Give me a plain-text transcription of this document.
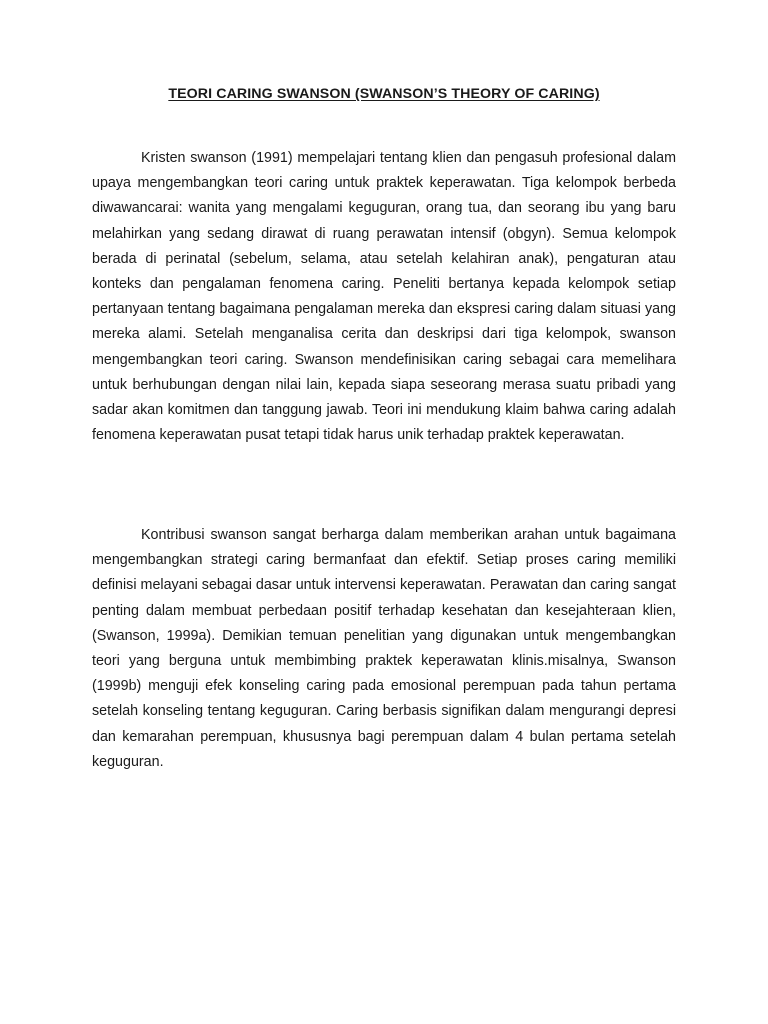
TEORI CARING SWANSON (SWANSON’S THEORY OF CARING)

Kristen swanson (1991) mempelajari tentang klien dan pengasuh profesional dalam upaya mengembangkan teori caring untuk praktek keperawatan. Tiga kelompok berbeda diwawancarai: wanita yang mengalami keguguran, orang tua, dan seorang ibu yang baru melahirkan yang sedang dirawat di ruang perawatan intensif (obgyn). Semua kelompok berada di perinatal (sebelum, selama, atau setelah kelahiran anak), pengaturan atau konteks dan pengalaman fenomena caring. Peneliti bertanya kepada kelompok setiap pertanyaan tentang bagaimana pengalaman mereka dan ekspresi caring dalam situasi yang mereka alami. Setelah menganalisa cerita dan deskripsi dari tiga kelompok, swanson mengembangkan teori caring. Swanson mendefinisikan caring sebagai cara memelihara untuk berhubungan dengan nilai lain, kepada siapa seseorang merasa suatu pribadi yang sadar akan komitmen dan tanggung jawab. Teori ini mendukung klaim bahwa caring adalah fenomena keperawatan pusat tetapi tidak harus unik terhadap praktek keperawatan.

Kontribusi swanson sangat berharga dalam memberikan arahan untuk bagaimana mengembangkan strategi caring bermanfaat dan efektif. Setiap proses caring memiliki definisi melayani sebagai dasar untuk intervensi keperawatan. Perawatan dan caring sangat penting dalam membuat perbedaan positif terhadap kesehatan dan kesejahteraan klien, (Swanson, 1999a). Demikian temuan penelitian yang digunakan untuk mengembangkan teori yang berguna untuk membimbing praktek keperawatan klinis.misalnya, Swanson (1999b) menguji efek konseling caring pada emosional perempuan pada tahun pertama setelah konseling tentang keguguran. Caring berbasis signifikan dalam mengurangi depresi dan kemarahan perempuan, khususnya bagi perempuan dalam 4 bulan pertama setelah keguguran.
